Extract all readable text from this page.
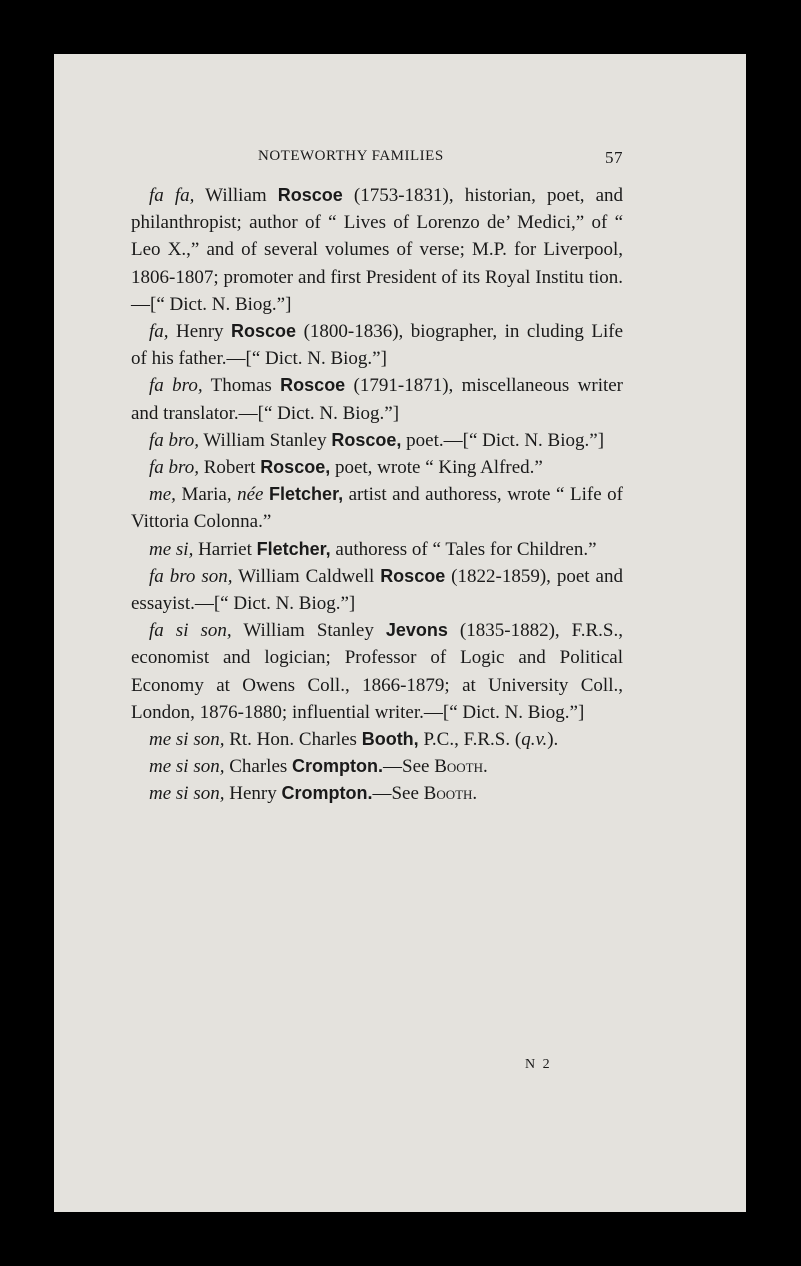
NOTEWORTHY FAMILIES	57

fa fa, William Roscoe (1753-1831), historian, poet, and philanthropist; author of “ Lives of Lorenzo de’ Medici,” of “ Leo X.,” and of several volumes of verse; M.P. for Liverpool, 1806-1807; promoter and first President of its Royal Institu tion.—[“ Dict. N. Biog.”]

fa, Henry Roscoe (1800-1836), biographer, in cluding Life of his father.—[“ Dict. N. Biog.”]

fa bro, Thomas Roscoe (1791-1871), miscellaneous writer and translator.—[“ Dict. N. Biog.”]

fa bro, William Stanley Roscoe, poet.—[“ Dict. N. Biog.”]

fa bro, Robert Roscoe, poet, wrote “ King Alfred.”

me, Maria, née Fletcher, artist and authoress, wrote “ Life of Vittoria Colonna.”

me si, Harriet Fletcher, authoress of “ Tales for Children.”

fa bro son, William Caldwell Roscoe (1822-1859), poet and essayist.—[“ Dict. N. Biog.”]

fa si son, William Stanley Jevons (1835-1882), F.R.S., economist and logician; Professor of Logic and Political Economy at Owens Coll., 1866-1879; at University Coll., London, 1876-1880; influential writer.—[“ Dict. N. Biog.”]

me si son, Rt. Hon. Charles Booth, P.C., F.R.S. (q.v.).

me si son, Charles Crompton.—See Booth.

me si son, Henry Crompton.—See Booth.

N 2
